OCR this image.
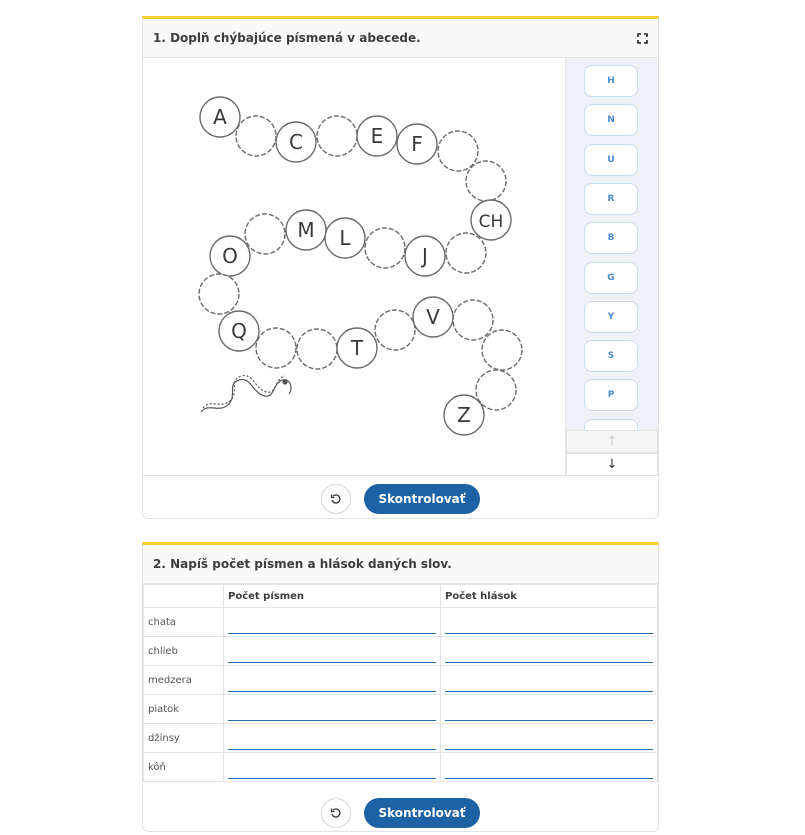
1. Doplň chýbajúce písmená v abecede.
A
C	E F
CH
J
L
M
O
Q
T
V
Z
H
N
U
R
B
G
Y
S
P
↑
↓
Skontrolovať
2. Napíš počet písmen a hlások daných slov.
	Počet písmen	Počet hlások
chata	

chlieb	

medzera	

piatok	

džínsy	

kôň	

Skontrolovať
